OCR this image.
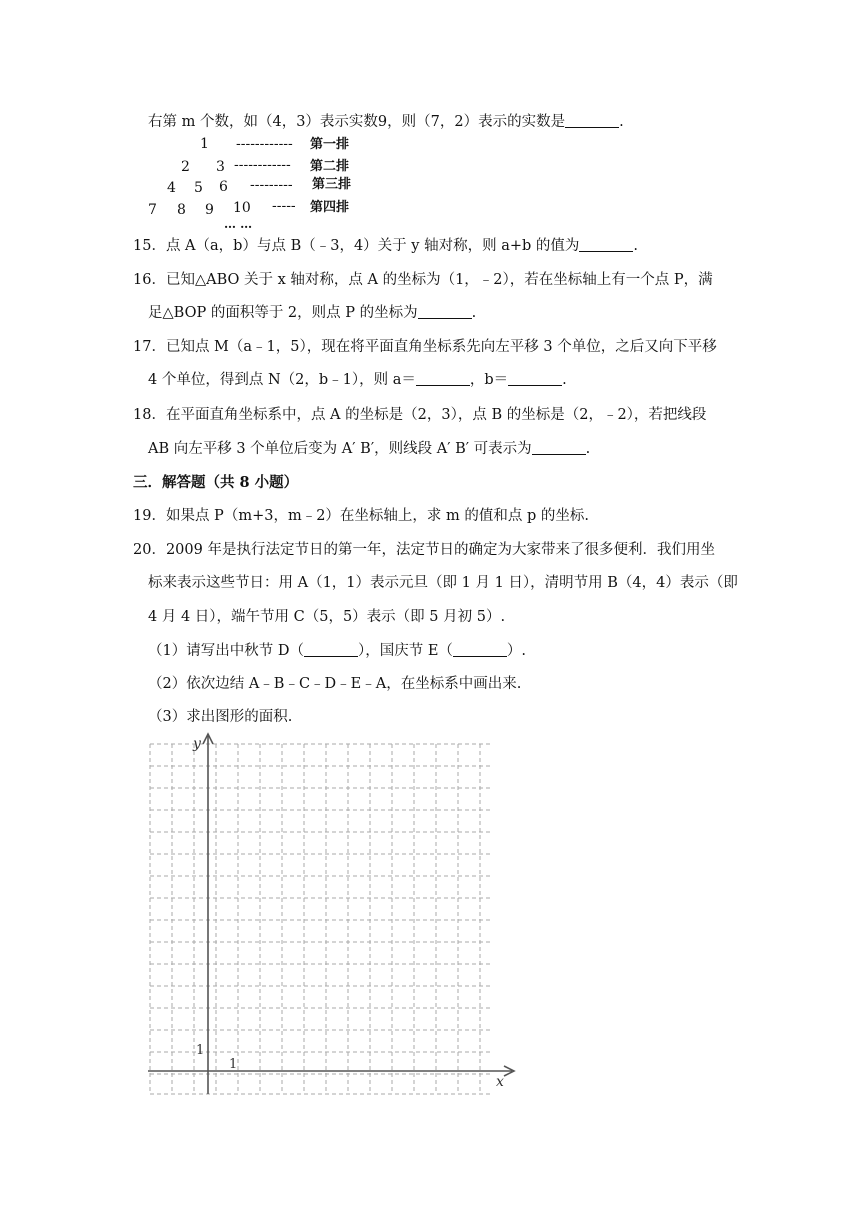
右第 m 个数，如（4，3）表示实数9，则（7，2）表示的实数是	.
1 ------------ 第一排
2 3 ------------ 第二排
4 5 6 --------- 第三排
7 8 9 10 ----- 第四排
… …
15．点 A（a，b）与点 B（﹣3，4）关于 y 轴对称，则 a+b 的值为	.
16．已知△ABO 关于 x 轴对称，点 A 的坐标为（1，﹣2），若在坐标轴上有一个点 P，满
足△BOP 的面积等于 2，则点 P 的坐标为	.
17．已知点 M（a﹣1，5），现在将平面直角坐标系先向左平移 3 个单位，之后又向下平移
4 个单位，得到点 N（2，b﹣1），则 a＝	，b＝	.
18．在平面直角坐标系中，点 A 的坐标是（2，3），点 B 的坐标是（2，﹣2），若把线段
AB 向左平移 3 个单位后变为 A′ B′，则线段 A′ B′ 可表示为	.
三．解答题（共 8 小题）
19．如果点 P（m+3，m﹣2）在坐标轴上，求 m 的值和点 p 的坐标.
20．2009 年是执行法定节日的第一年，法定节日的确定为大家带来了很多便利．我们用坐
标来表示这些节日：用 A（1，1）表示元旦（即 1 月 1 日），清明节用 B（4，4）表示（即
4 月 4 日），端午节用 C（5，5）表示（即 5 月初 5）.
（1）请写出中秋节 D（	），国庆节 E（	）.
（2）依次边结 A﹣B﹣C﹣D﹣E﹣A，在坐标系中画出来.
（3）求出图形的面积.
x
y
1
1
